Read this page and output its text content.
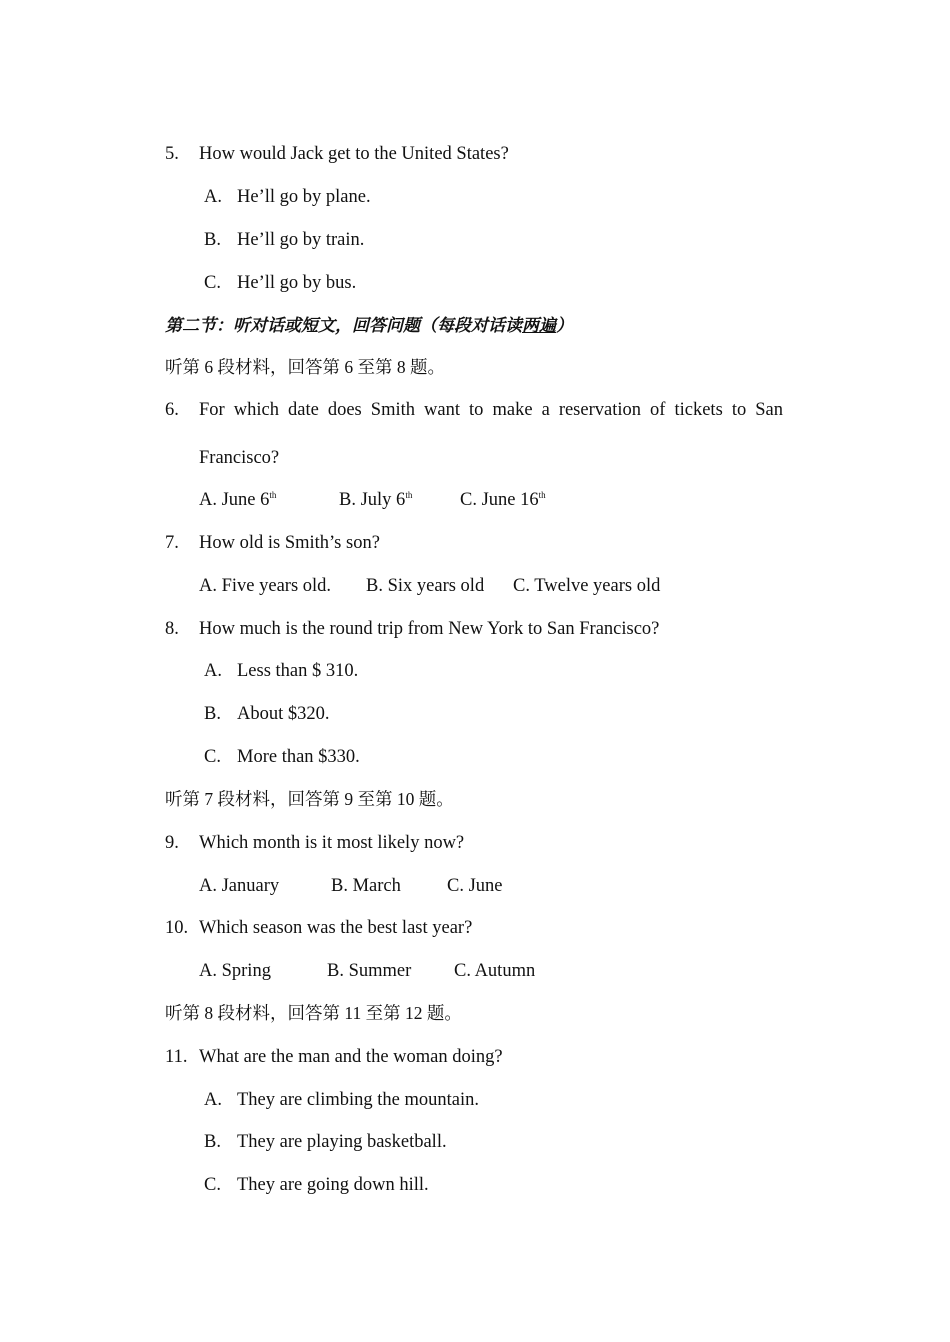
5. How would Jack get to the United States?
A. He’ll go by plane.
B. He’ll go by train.
C. He’ll go by bus.
第二节：听对话或短文，回答问题（每段对话读两遍）
听第 6 段材料，回答第 6 至第 8 题。
6. For which date does Smith want to make a reservation of tickets to San
Francisco?
A. June 6th	B. July 6th	C. June 16th
7. How old is Smith’s son?
A. Five years old. B. Six years old C. Twelve years old
8. How much is the round trip from New York to San Francisco?
A. Less than $ 310.
B. About $320.
C. More than $330.
听第 7 段材料，回答第 9 至第 10 题。
9. Which month is it most likely now?
A. January	B. March C. June
10. Which season was the best last year?
A. Spring	B. Summer C. Autumn
听第 8 段材料，回答第 11 至第 12 题。
11. What are the man and the woman doing?
A. They are climbing the mountain.
B. They are playing basketball.
C. They are going down hill.
